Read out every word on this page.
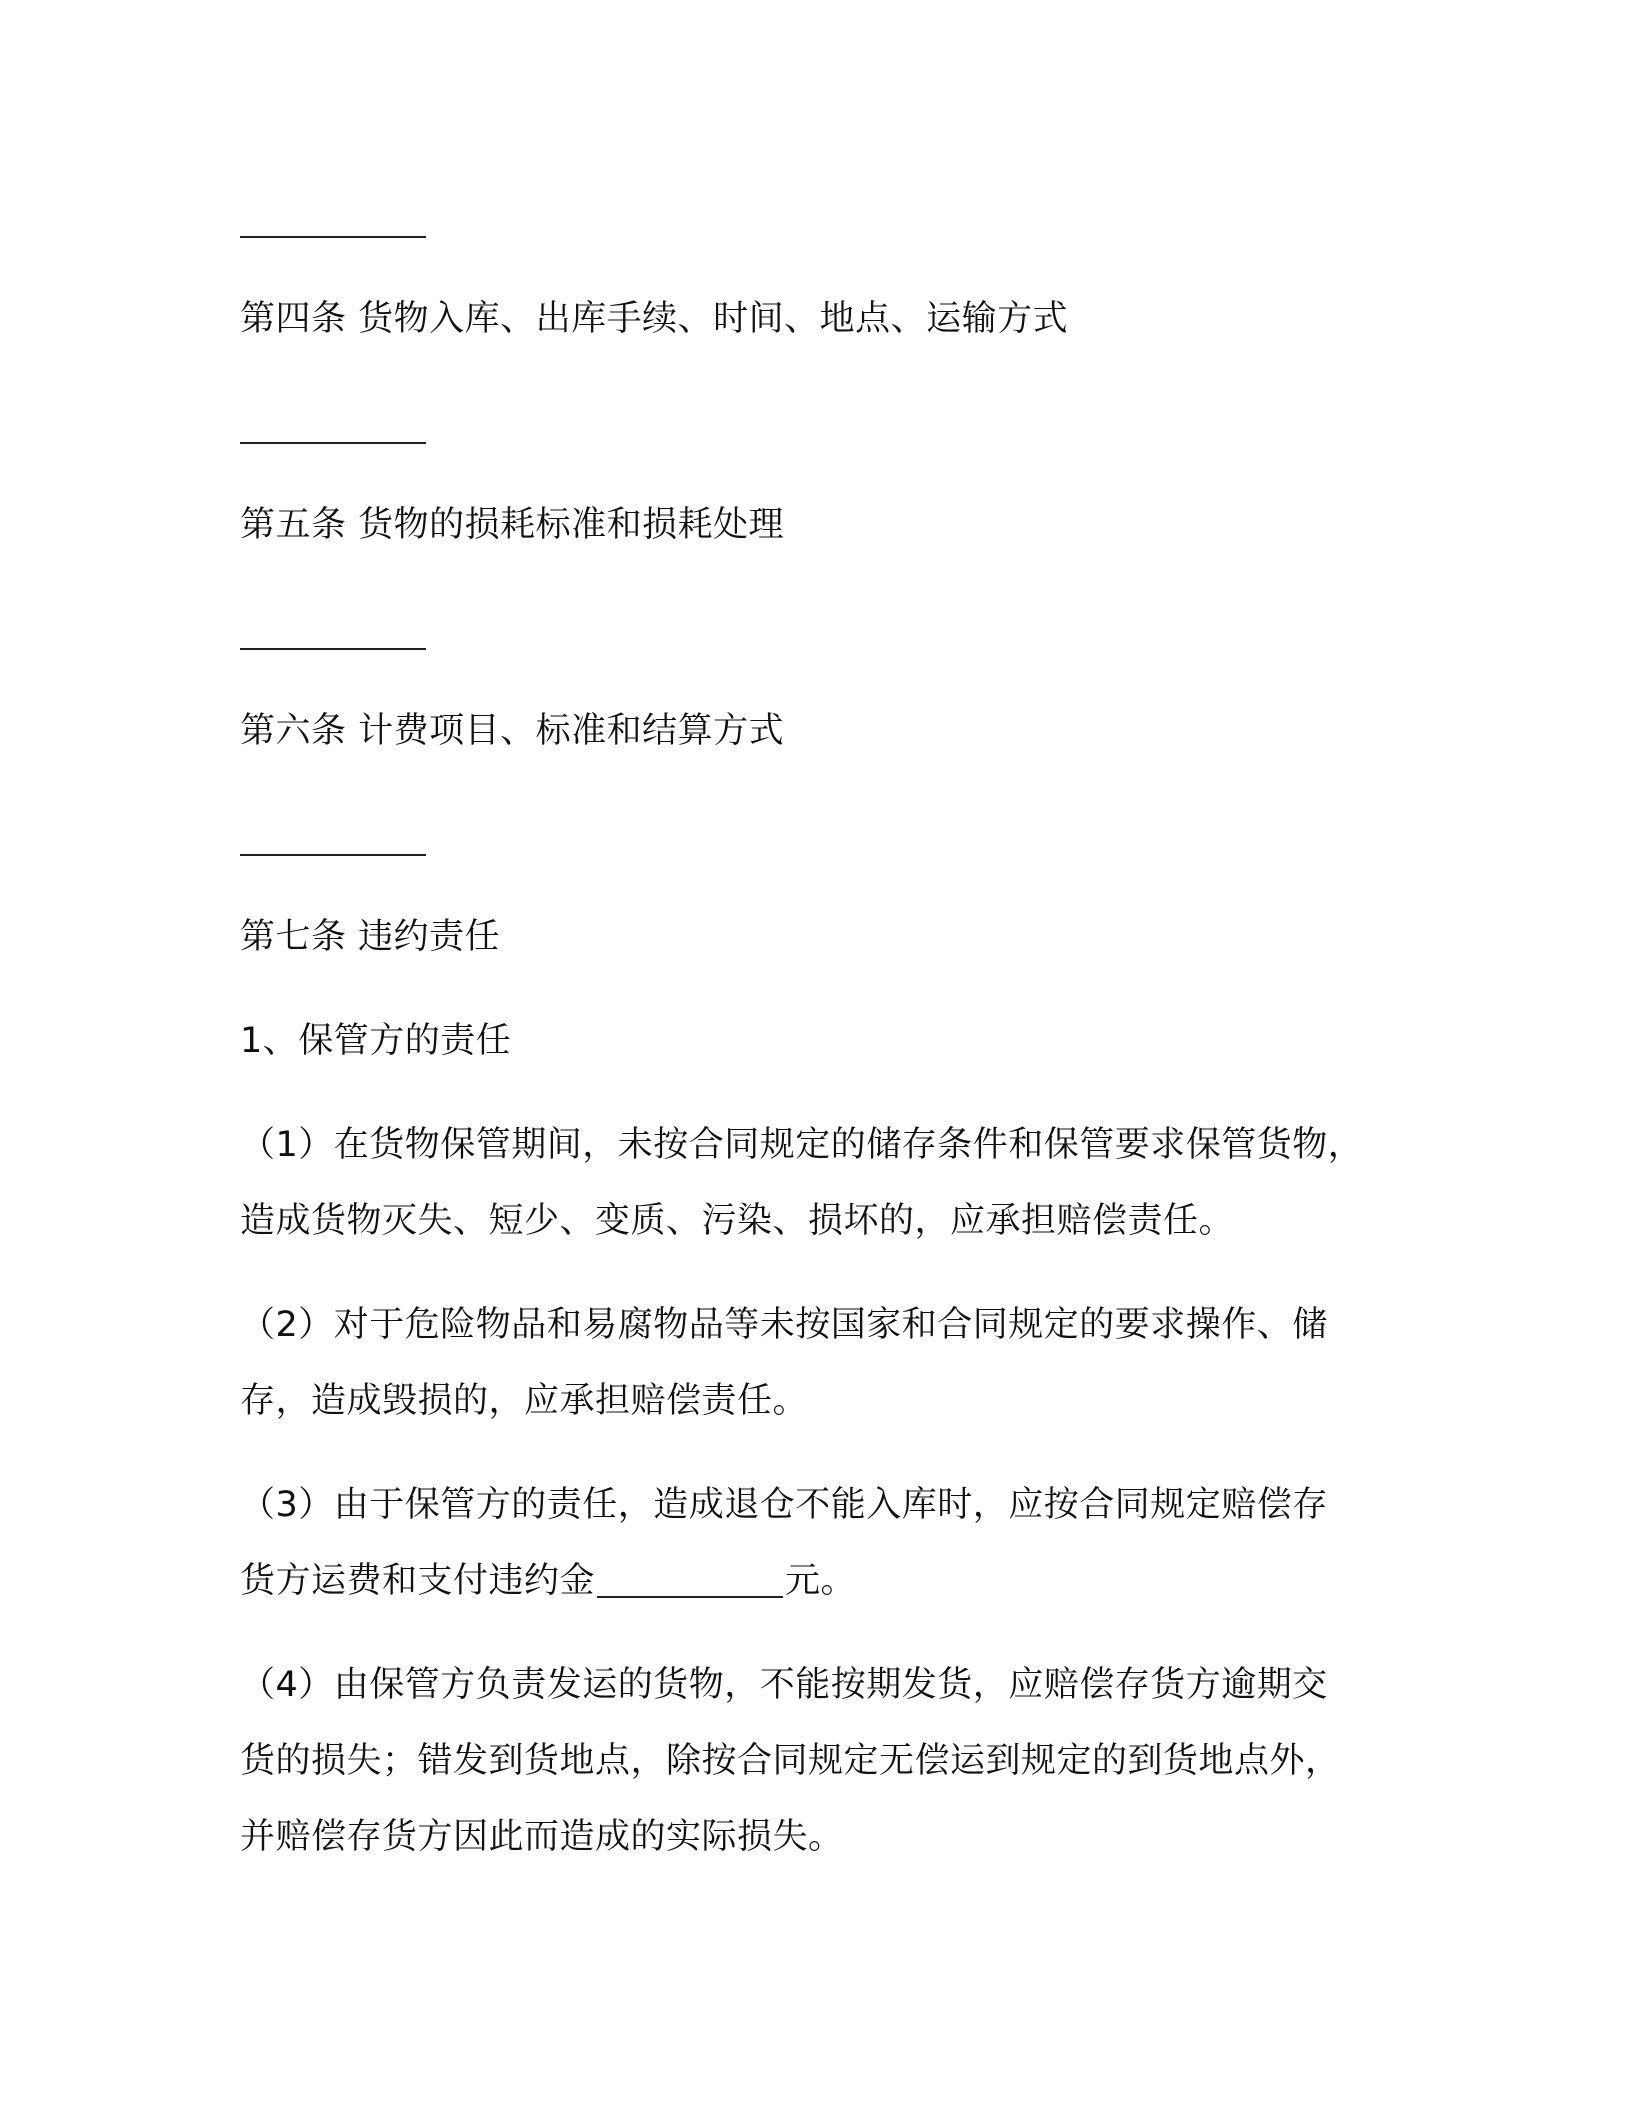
第四条 货物入库、出库手续、时间、地点、运输方式
第五条 货物的损耗标准和损耗处理
第六条 计费项目、标准和结算方式
第七条 违约责任
1、保管方的责任
（1）在货物保管期间，未按合同规定的储存条件和保管要求保管货物，
造成货物灭失、短少、变质、污染、损坏的，应承担赔偿责任。
（2）对于危险物品和易腐物品等未按国家和合同规定的要求操作、储
存，造成毁损的，应承担赔偿责任。
（3）由于保管方的责任，造成退仓不能入库时，应按合同规定赔偿存
货方运费和支付违约金	元。
（4）由保管方负责发运的货物，不能按期发货，应赔偿存货方逾期交
货的损失；错发到货地点，除按合同规定无偿运到规定的到货地点外，
并赔偿存货方因此而造成的实际损失。
